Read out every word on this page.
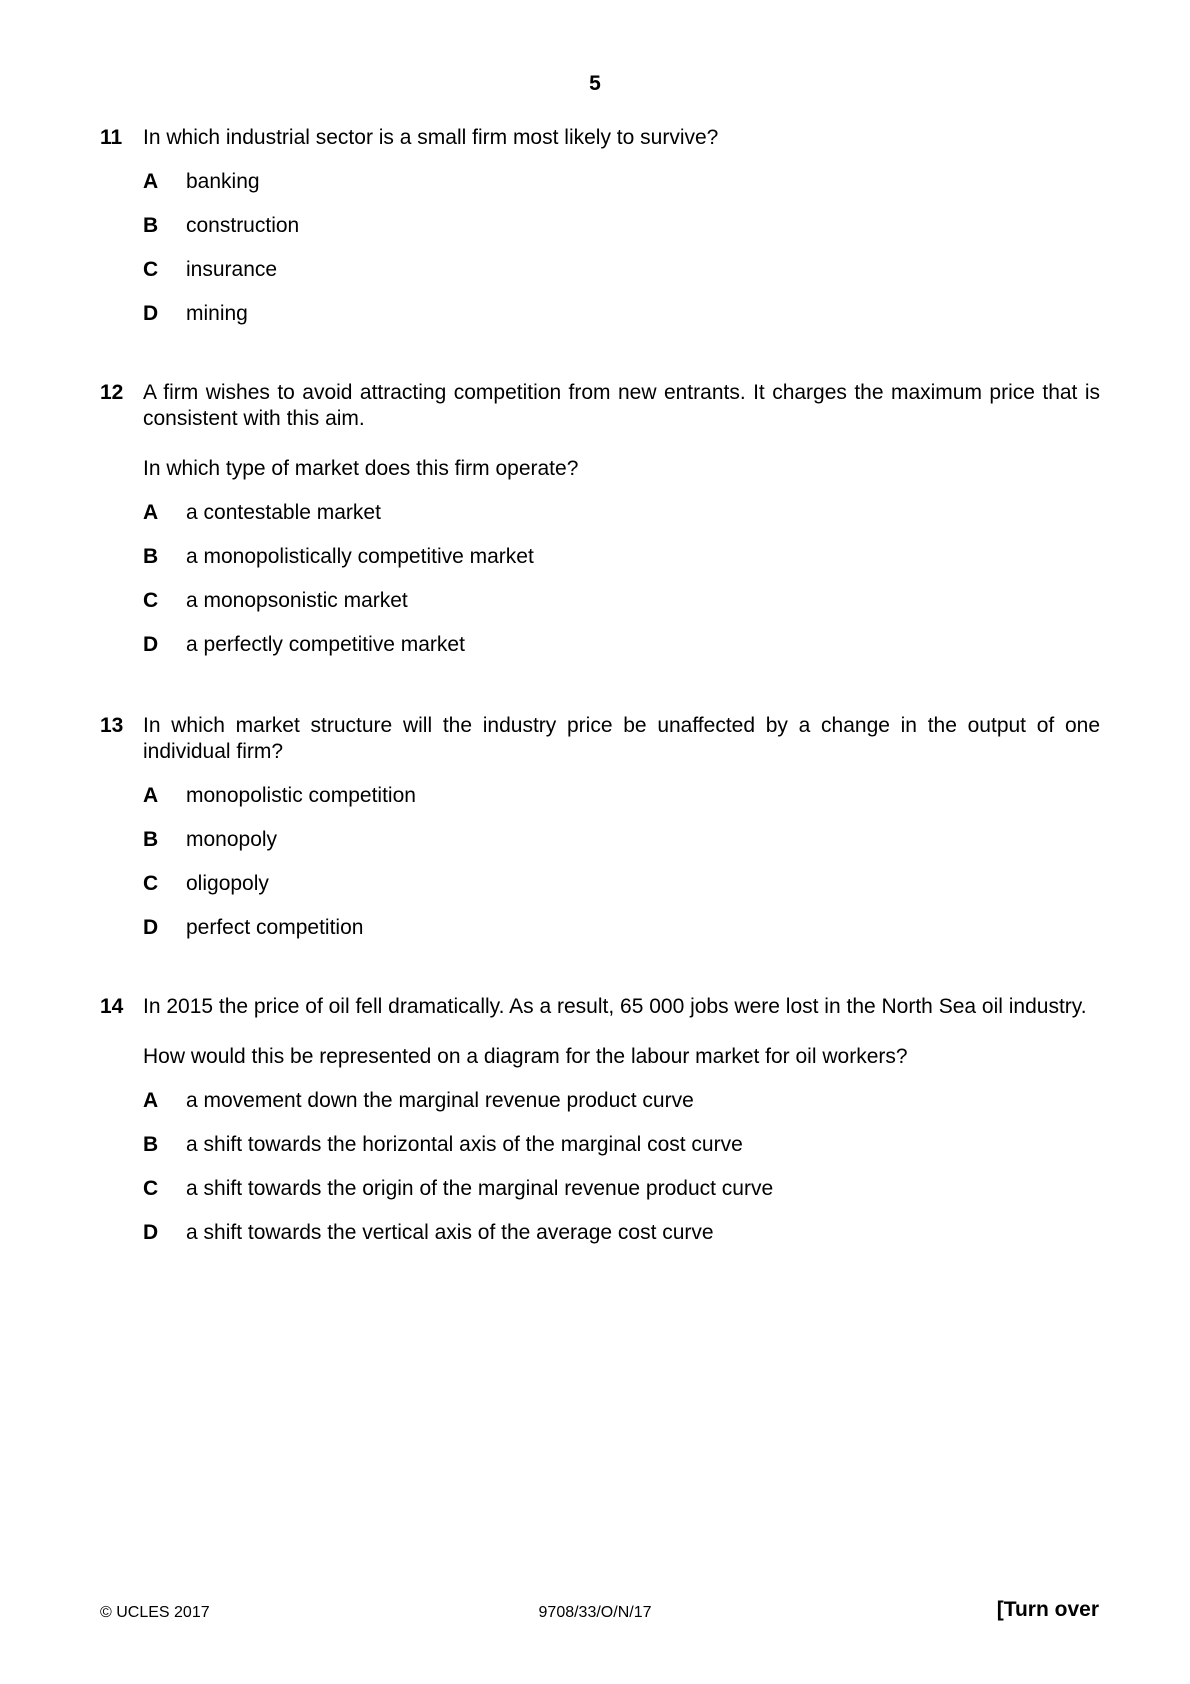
5
11 In which industrial sector is a small firm most likely to survive?
A	banking
B	construction
C	insurance
D	mining
12 A firm wishes to avoid attracting competition from new entrants. It charges the maximum price that is consistent with this aim.
In which type of market does this firm operate?
A	a contestable market
B	a monopolistically competitive market
C	a monopsonistic market
D	a perfectly competitive market
13 In which market structure will the industry price be unaffected by a change in the output of one individual firm?
A	monopolistic competition
B	monopoly
C	oligopoly
D	perfect competition
14 In 2015 the price of oil fell dramatically. As a result, 65 000 jobs were lost in the North Sea oil industry.
How would this be represented on a diagram for the labour market for oil workers?
A	a movement down the marginal revenue product curve
B	a shift towards the horizontal axis of the marginal cost curve
C	a shift towards the origin of the marginal revenue product curve
D	a shift towards the vertical axis of the average cost curve
© UCLES 2017	9708/33/O/N/17	[Turn over
